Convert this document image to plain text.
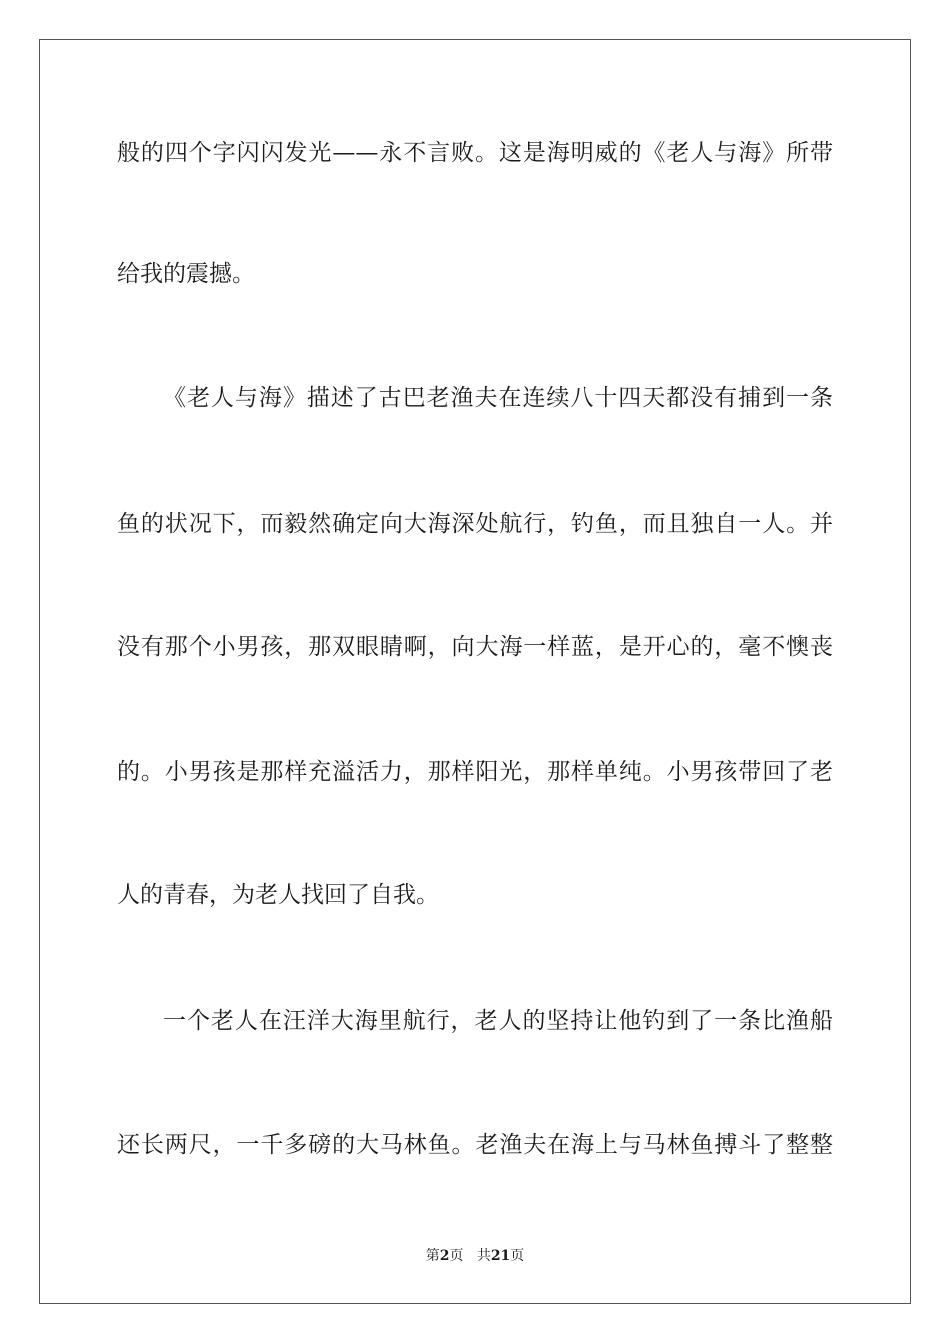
般的四个字闪闪发光——永不言败。这是海明威的《老人与海》所带
给我的震撼。
《老人与海》描述了古巴老渔夫在连续八十四天都没有捕到一条
鱼的状况下，而毅然确定向大海深处航行，钓鱼，而且独自一人。并
没有那个小男孩，那双眼睛啊，向大海一样蓝，是开心的，毫不懊丧
的。小男孩是那样充溢活力，那样阳光，那样单纯。小男孩带回了老
人的青春，为老人找回了自我。
一个老人在汪洋大海里航行，老人的坚持让他钓到了一条比渔船
还长两尺，一千多磅的大马林鱼。老渔夫在海上与马林鱼搏斗了整整
第2页 共21页
